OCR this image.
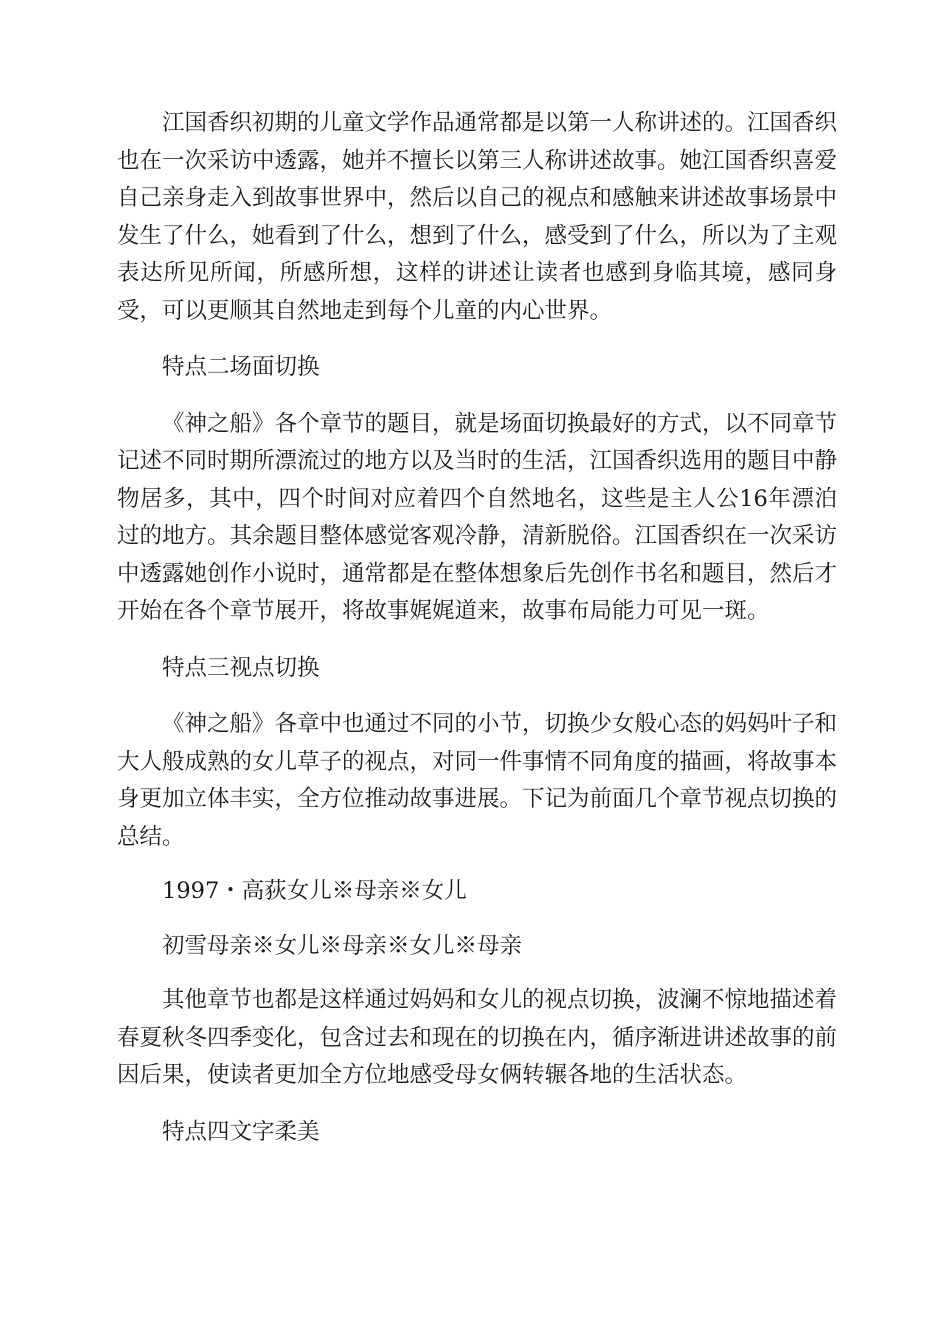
江国香织初期的儿童文学作品通常都是以第一人称讲述的。江国香织也在一次采访中透露，她并不擅长以第三人称讲述故事。她江国香织喜爱自己亲身走入到故事世界中，然后以自己的视点和感触来讲述故事场景中发生了什么，她看到了什么，想到了什么，感受到了什么，所以为了主观表达所见所闻，所感所想，这样的讲述让读者也感到身临其境，感同身受，可以更顺其自然地走到每个儿童的内心世界。

特点二场面切换

《神之船》各个章节的题目，就是场面切换最好的方式，以不同章节记述不同时期所漂流过的地方以及当时的生活，江国香织选用的题目中静物居多，其中，四个时间对应着四个自然地名，这些是主人公16年漂泊过的地方。其余题目整体感觉客观冷静，清新脱俗。江国香织在一次采访中透露她创作小说时，通常都是在整体想象后先创作书名和题目，然后才开始在各个章节展开，将故事娓娓道来，故事布局能力可见一斑。

特点三视点切换

《神之船》各章中也通过不同的小节，切换少女般心态的妈妈叶子和大人般成熟的女儿草子的视点，对同一件事情不同角度的描画，将故事本身更加立体丰实，全方位推动故事进展。下记为前面几个章节视点切换的总结。

1997・高荻女儿※母亲※女儿

初雪母亲※女儿※母亲※女儿※母亲

其他章节也都是这样通过妈妈和女儿的视点切换，波澜不惊地描述着春夏秋冬四季变化，包含过去和现在的切换在内，循序渐进讲述故事的前因后果，使读者更加全方位地感受母女俩转辗各地的生活状态。

特点四文字柔美
